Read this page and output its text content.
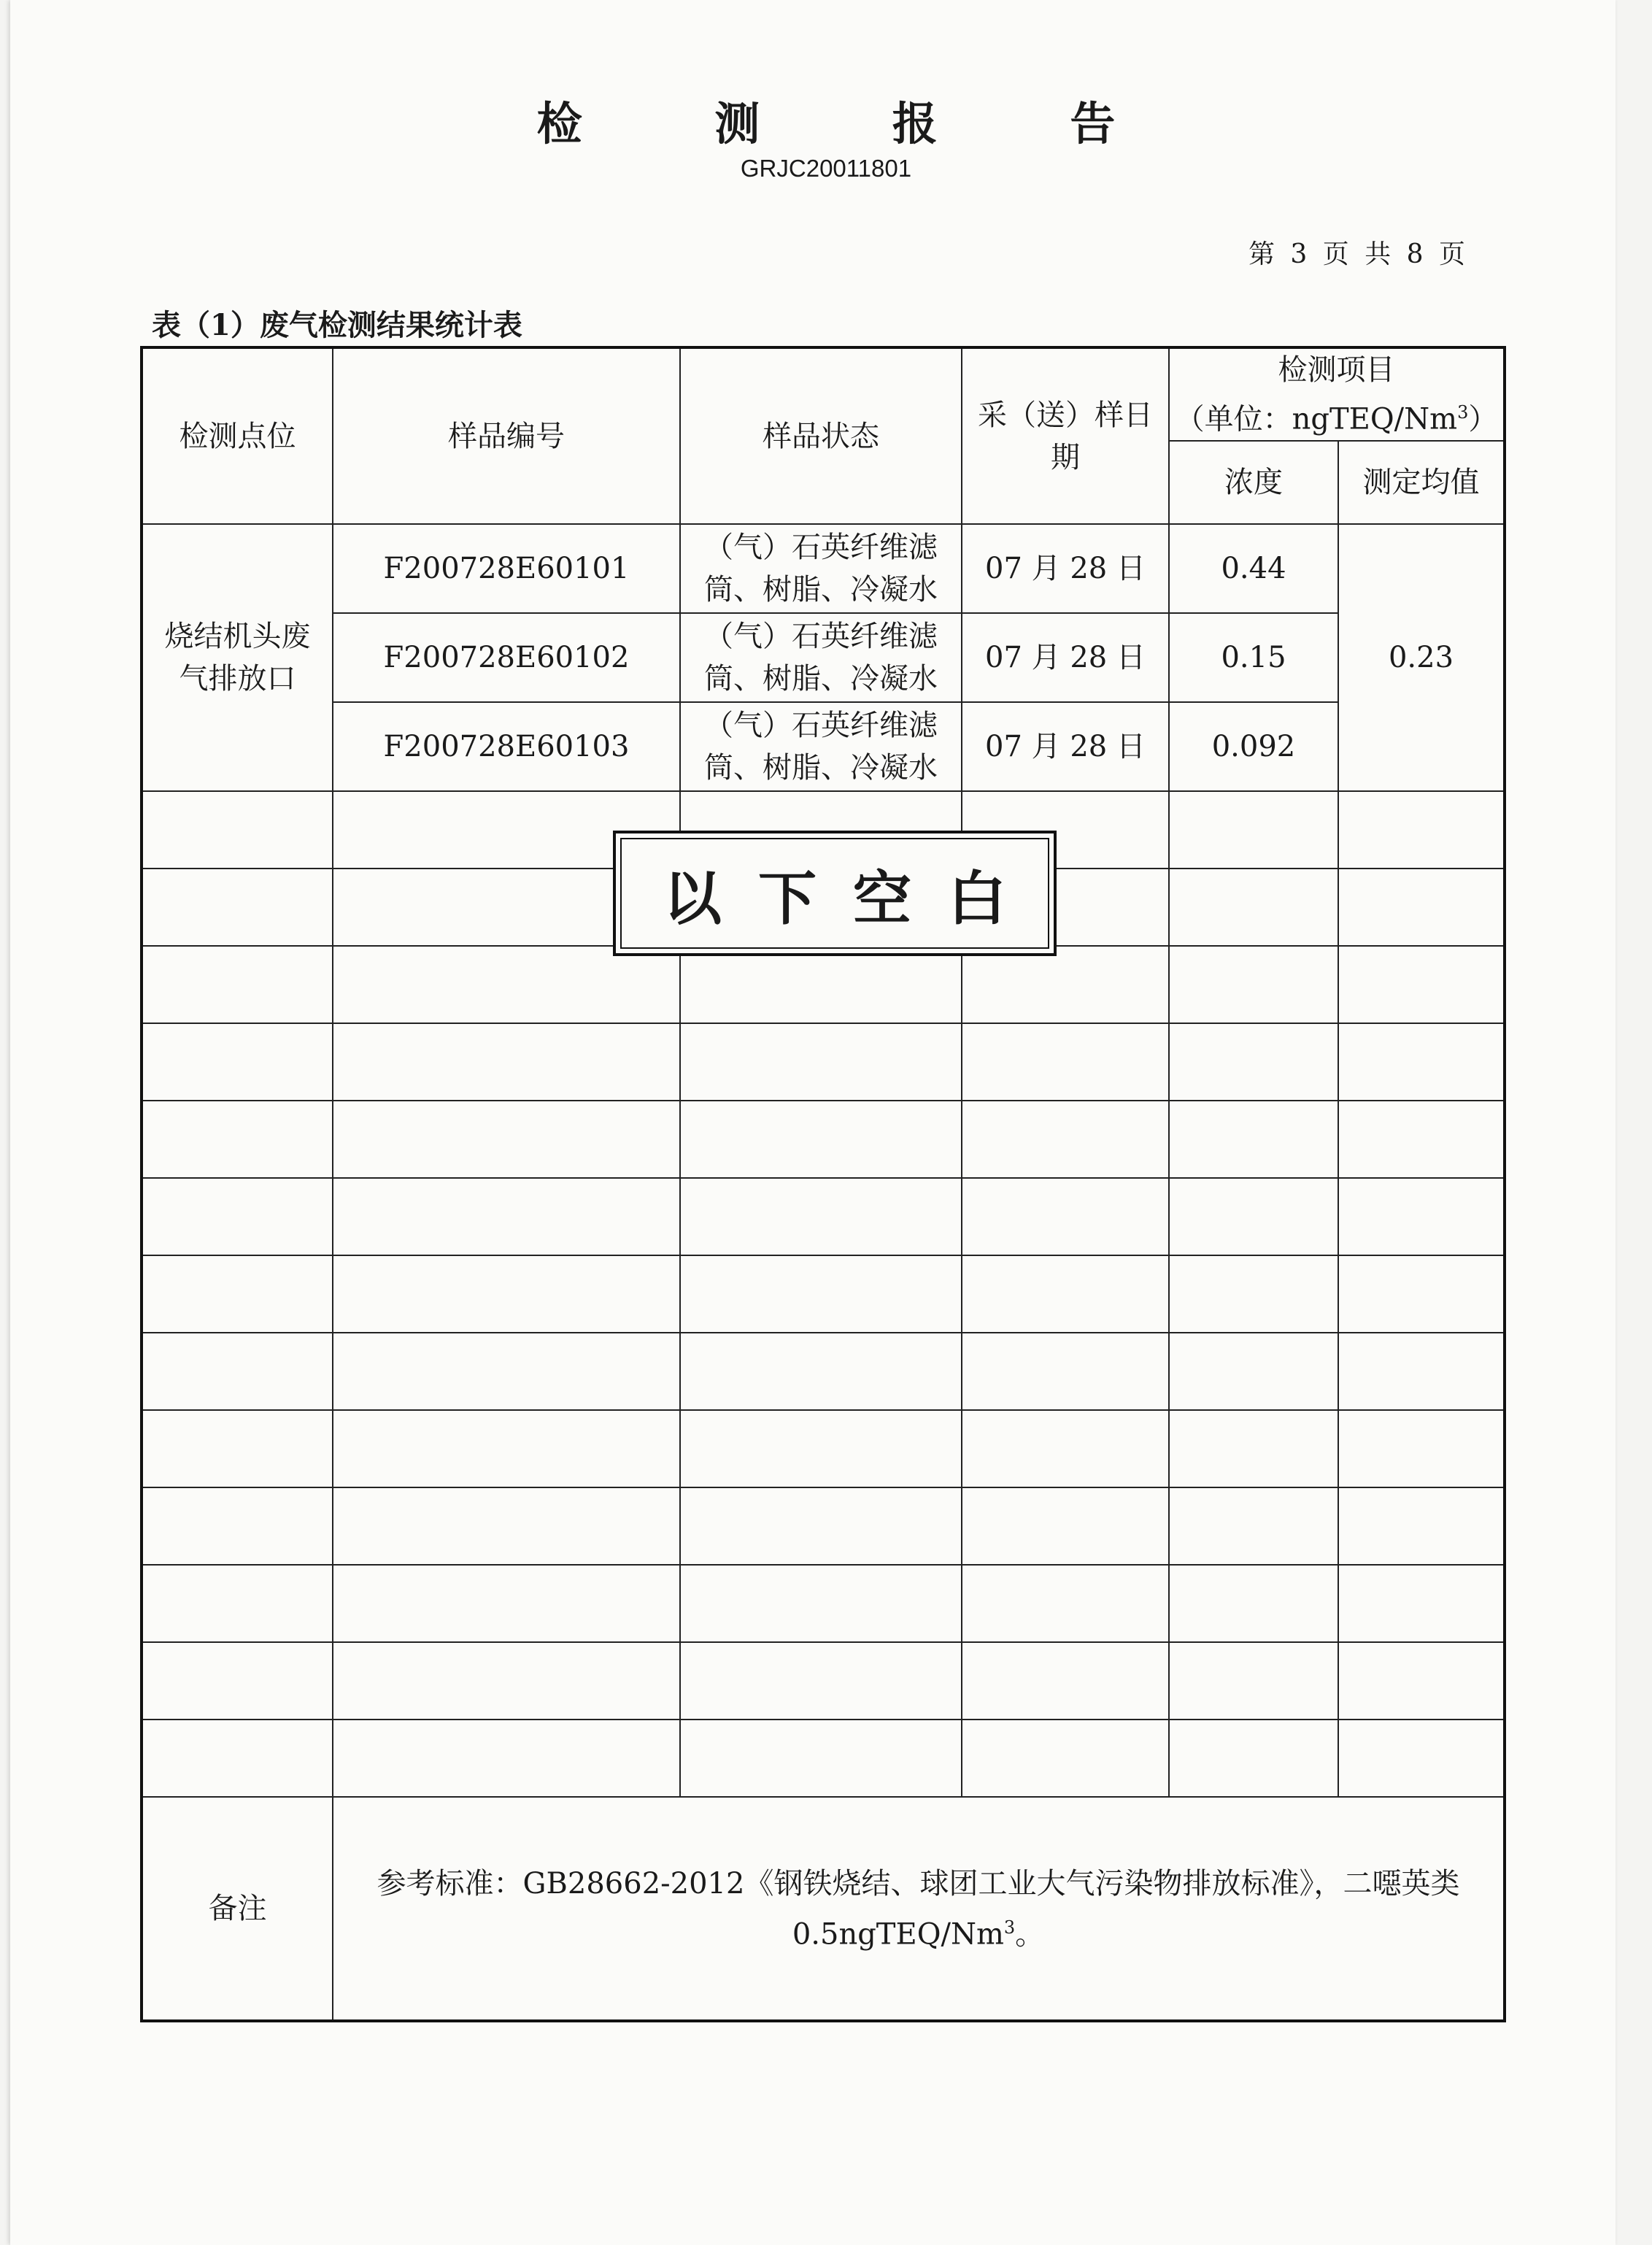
检 测 报 告
GRJC20011801
第 3 页 共 8 页
表（1）废气检测结果统计表
检测点位	样品编号	样品状态	采（送）样日期	检测项目
（单位：ngTEQ/Nm$^3$）	

				浓度	测定均值
烧结机头废气排放口	F200728E60101	（气）石英纤维滤筒、树脂、冷凝水	07 月 28 日	0.44	0.23
	F200728E60102	（气）石英纤维滤筒、树脂、冷凝水	07 月 28 日	0.15	
	F200728E60103	（气）石英纤维滤筒、树脂、冷凝水	07 月 28 日	0.092	

备注	参考标准：GB28662-2012《钢铁烧结、球团工业大气污染物排放标准》，二噁英类 0.5ngTEQ/Nm$^3$。				
以下空白
